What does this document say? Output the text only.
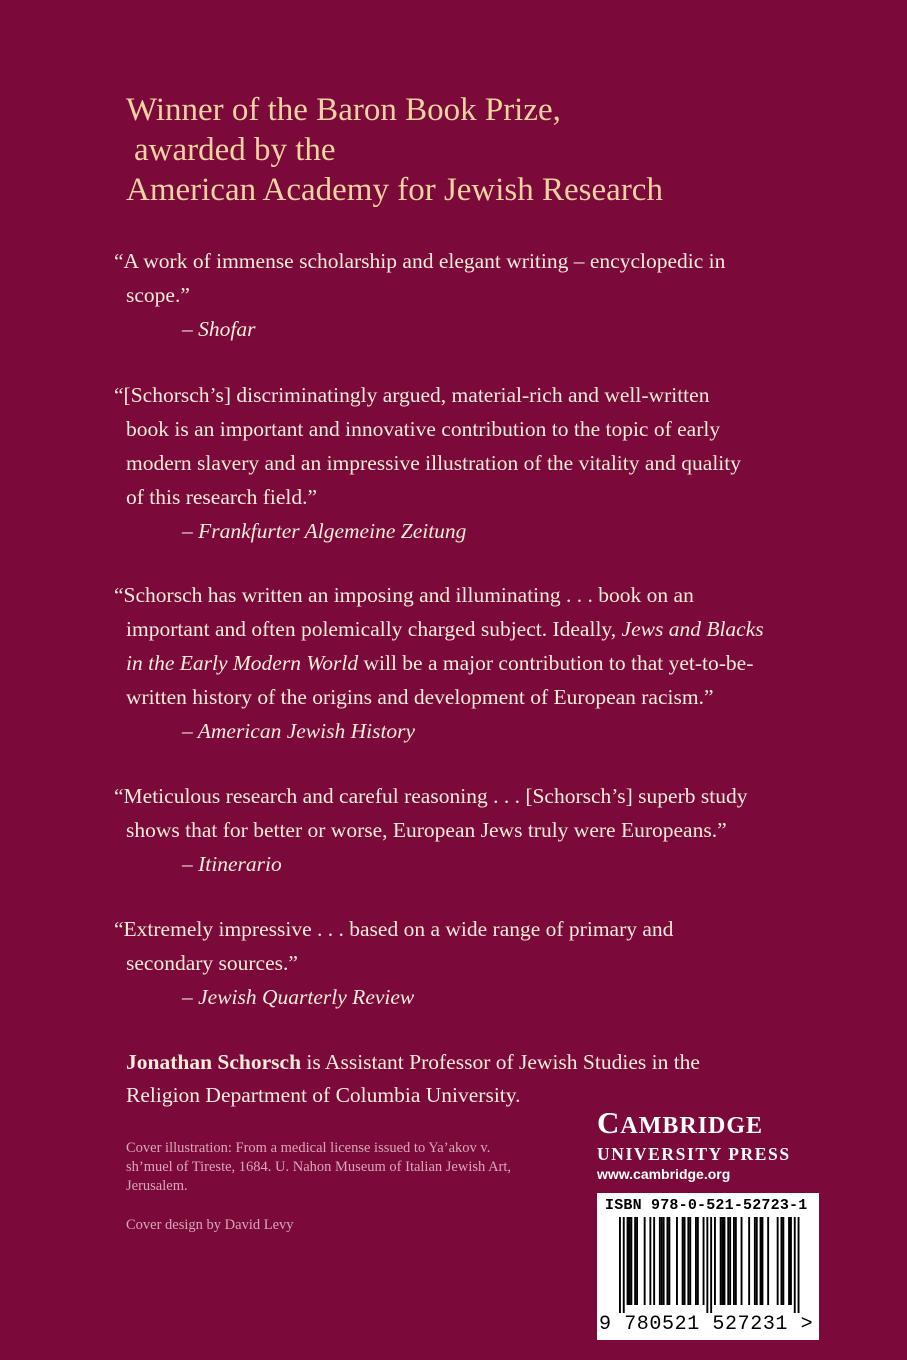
Winner of the Baron Book Prize,
awarded by the
American Academy for Jewish Research
“A work of immense scholarship and elegant writing – encyclopedic in
scope.”
– Shofar
“[Schorsch’s] discriminatingly argued, material-rich and well-written
book is an important and innovative contribution to the topic of early
modern slavery and an impressive illustration of the vitality and quality
of this research field.”
– Frankfurter Algemeine Zeitung
“Schorsch has written an imposing and illuminating . . . book on an
important and often polemically charged subject. Ideally, Jews and Blacks
in the Early Modern World will be a major contribution to that yet-to-be-
written history of the origins and development of European racism.”
– American Jewish History
“Meticulous research and careful reasoning . . . [Schorsch’s] superb study
shows that for better or worse, European Jews truly were Europeans.”
– Itinerario
“Extremely impressive . . . based on a wide range of primary and
secondary sources.”
– Jewish Quarterly Review
Jonathan Schorsch is Assistant Professor of Jewish Studies in the
Religion Department of Columbia University.
Cover illustration: From a medical license issued to Ya’akov v.
sh’muel of Tireste, 1684. U. Nahon Museum of Italian Jewish Art,
Jerusalem.
Cover design by David Levy
CAMBRIDGE
UNIVERSITY PRESS
www.cambridge.org
ISBN 978-0-521-52723-1
9 780521 527231 >
